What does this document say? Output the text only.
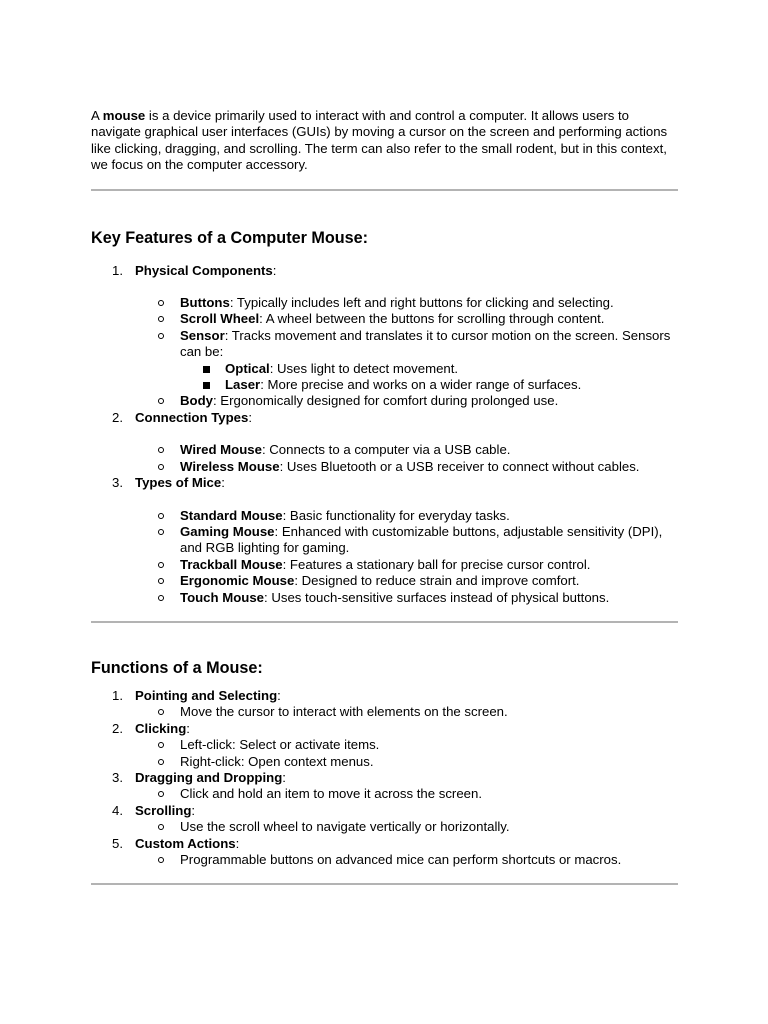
A mouse is a device primarily used to interact with and control a computer. It allows users to navigate graphical user interfaces (GUIs) by moving a cursor on the screen and performing actions like clicking, dragging, and scrolling. The term can also refer to the small rodent, but in this context, we focus on the computer accessory.

Key Features of a Computer Mouse:
1. Physical Components:
Buttons: Typically includes left and right buttons for clicking and selecting.
Scroll Wheel: A wheel between the buttons for scrolling through content.
Sensor: Tracks movement and translates it to cursor motion on the screen. Sensors can be:
Optical: Uses light to detect movement.
Laser: More precise and works on a wider range of surfaces.
Body: Ergonomically designed for comfort during prolonged use.
2. Connection Types:
Wired Mouse: Connects to a computer via a USB cable.
Wireless Mouse: Uses Bluetooth or a USB receiver to connect without cables.
3. Types of Mice:
Standard Mouse: Basic functionality for everyday tasks.
Gaming Mouse: Enhanced with customizable buttons, adjustable sensitivity (DPI), and RGB lighting for gaming.
Trackball Mouse: Features a stationary ball for precise cursor control.
Ergonomic Mouse: Designed to reduce strain and improve comfort.
Touch Mouse: Uses touch-sensitive surfaces instead of physical buttons.
Functions of a Mouse:
1. Pointing and Selecting:
Move the cursor to interact with elements on the screen.
2. Clicking:
Left-click: Select or activate items.
Right-click: Open context menus.
3. Dragging and Dropping:
Click and hold an item to move it across the screen.
4. Scrolling:
Use the scroll wheel to navigate vertically or horizontally.
5. Custom Actions:
Programmable buttons on advanced mice can perform shortcuts or macros.
